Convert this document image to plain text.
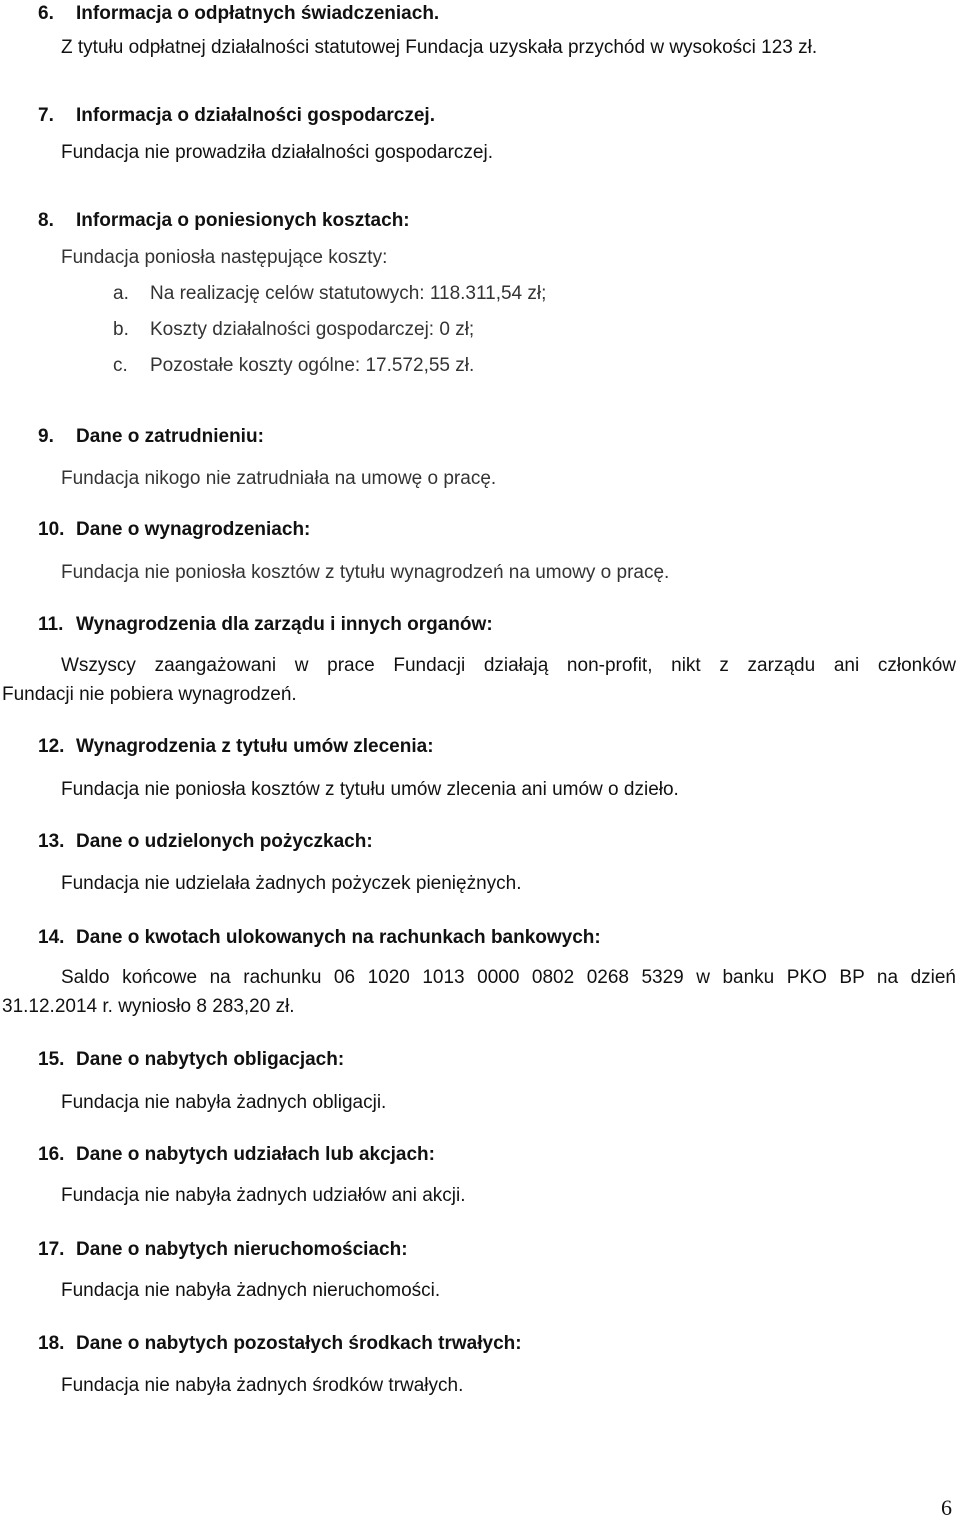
6. Informacja o odpłatnych świadczeniach.
Z tytułu odpłatnej działalności statutowej Fundacja uzyskała przychód w wysokości 123 zł.
7. Informacja o działalności gospodarczej.
Fundacja nie prowadziła działalności gospodarczej.
8. Informacja o poniesionych kosztach:
Fundacja poniosła następujące koszty:
a. Na realizację celów statutowych: 118.311,54 zł;
b. Koszty działalności gospodarczej: 0 zł;
c. Pozostałe koszty ogólne: 17.572,55 zł.
9. Dane o zatrudnieniu:
Fundacja nikogo nie zatrudniała na umowę o pracę.
10. Dane o wynagrodzeniach:
Fundacja nie poniosła kosztów z tytułu wynagrodzeń na umowy o pracę.
11. Wynagrodzenia dla zarządu i innych organów:
Wszyscy zaangażowani w prace Fundacji działają non-profit, nikt z zarządu ani członków
Fundacji nie pobiera wynagrodzeń.
12. Wynagrodzenia z tytułu umów zlecenia:
Fundacja nie poniosła kosztów z tytułu umów zlecenia ani umów o dzieło.
13. Dane o udzielonych pożyczkach:
Fundacja nie udzielała żadnych pożyczek pieniężnych.
14. Dane o kwotach ulokowanych na rachunkach bankowych:
Saldo końcowe na rachunku 06 1020 1013 0000 0802 0268 5329 w banku PKO BP na dzień
31.12.2014 r. wyniosło 8 283,20 zł.
15. Dane o nabytych obligacjach:
Fundacja nie nabyła żadnych obligacji.
16. Dane o nabytych udziałach lub akcjach:
Fundacja nie nabyła żadnych udziałów ani akcji.
17. Dane o nabytych nieruchomościach:
Fundacja nie nabyła żadnych nieruchomości.
18. Dane o nabytych pozostałych środkach trwałych:
Fundacja nie nabyła żadnych środków trwałych.
6
